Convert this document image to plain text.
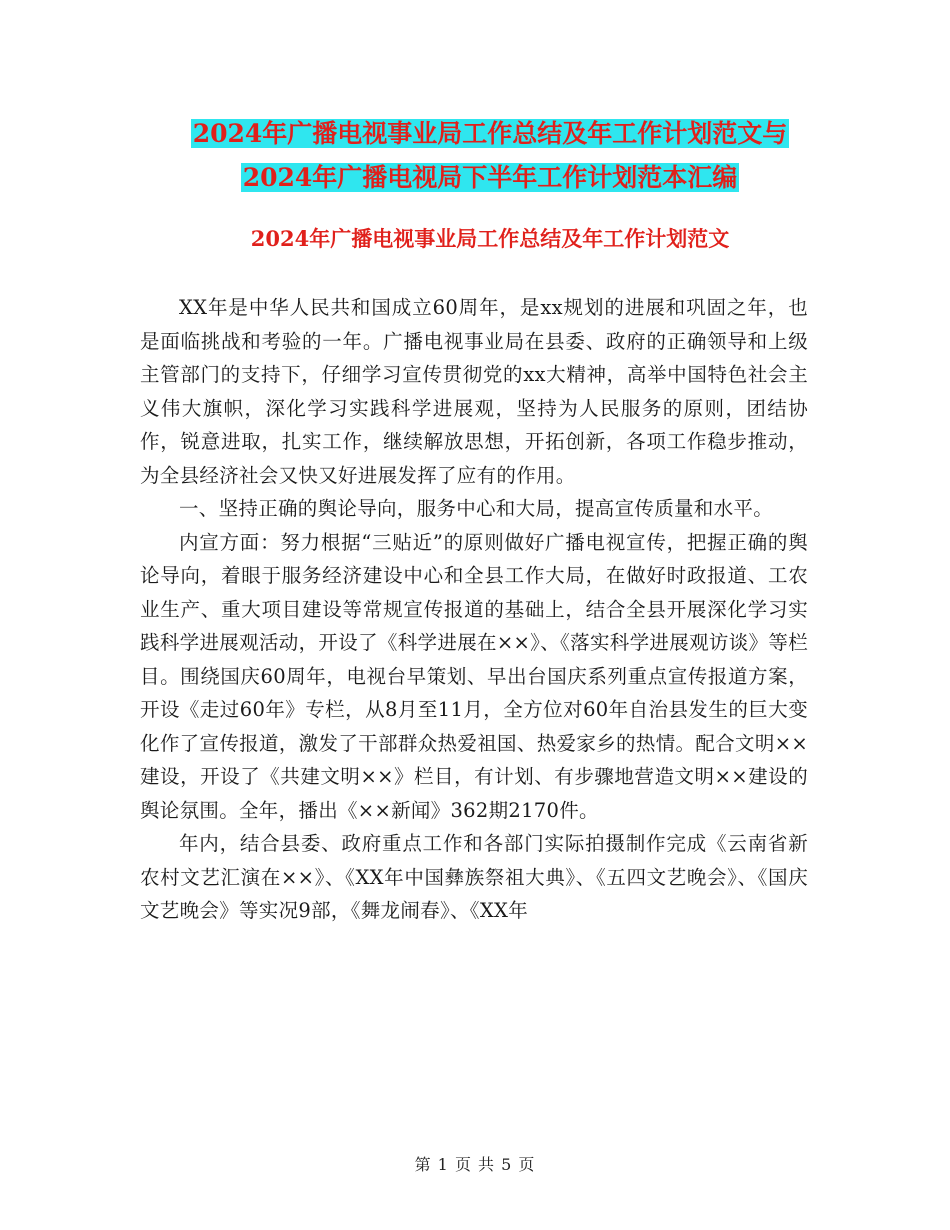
2024年广播电视事业局工作总结及年工作计划范文与
2024年广播电视局下半年工作计划范本汇编
2024年广播电视事业局工作总结及年工作计划范文

XX年是中华人民共和国成立60周年，是xx规划的进展和巩固之年，也是面临挑战和考验的一年。广播电视事业局在县委、政府的正确领导和上级主管部门的支持下，仔细学习宣传贯彻党的xx大精神，高举中国特色社会主义伟大旗帜，深化学习实践科学进展观，坚持为人民服务的原则，团结协作，锐意进取，扎实工作，继续解放思想，开拓创新，各项工作稳步推动，为全县经济社会又快又好进展发挥了应有的作用。

一、坚持正确的舆论导向，服务中心和大局，提高宣传质量和水平。

内宣方面：努力根据“三贴近”的原则做好广播电视宣传，把握正确的舆论导向，着眼于服务经济建设中心和全县工作大局，在做好时政报道、工农业生产、重大项目建设等常规宣传报道的基础上，结合全县开展深化学习实践科学进展观活动，开设了《科学进展在××》、《落实科学进展观访谈》等栏目。围绕国庆60周年，电视台早策划、早出台国庆系列重点宣传报道方案，开设《走过60年》专栏，从8月至11月，全方位对60年自治县发生的巨大变化作了宣传报道，激发了干部群众热爱祖国、热爱家乡的热情。配合文明××建设，开设了《共建文明××》栏目，有计划、有步骤地营造文明××建设的舆论氛围。全年，播出《××新闻》362期2170件。

年内，结合县委、政府重点工作和各部门实际拍摄制作完成《云南省新农村文艺汇演在××》、《XX年中国彝族祭祖大典》、《五四文艺晚会》、《国庆文艺晚会》等实况9部，《舞龙闹春》、《XX年

第 1 页 共 5 页
